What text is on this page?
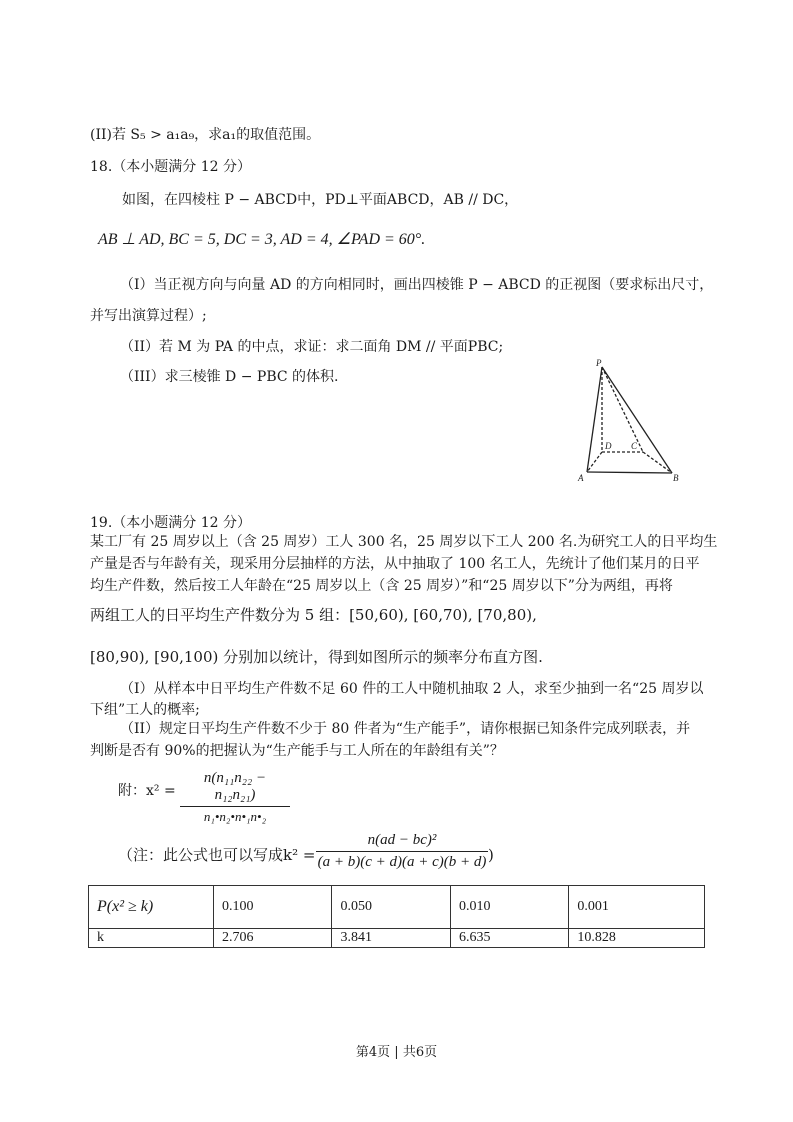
(II)若 S₅ > a₁a₉，求a₁的取值范围。
18.（本小题满分 12 分）
如图，在四棱柱 P − ABCD中，PD⊥平面ABCD，AB // DC，
AB ⊥ AD, BC = 5, DC = 3, AD = 4, ∠PAD = 60°.
（I）当正视方向与向量 AD 的方向相同时，画出四棱锥 P − ABCD 的正视图（要求标出尺寸，
并写出演算过程）;
（II）若 M 为 PA 的中点，求证：求二面角 DM // 平面PBC;
（III）求三棱锥 D − PBC 的体积.
P
D C
A	B
19.（本小题满分 12 分）
某工厂有 25 周岁以上（含 25 周岁）工人 300 名，25 周岁以下工人 200 名.为研究工人的日平均生
产量是否与年龄有关，现采用分层抽样的方法，从中抽取了 100 名工人，先统计了他们某月的日平
均生产件数，然后按工人年龄在“25 周岁以上（含 25 周岁）”和“25 周岁以下”分为两组，再将
两组工人的日平均生产件数分为 5 组：[50,60), [60,70), [70,80),
[80,90), [90,100) 分别加以统计，得到如图所示的频率分布直方图.
（I）从样本中日平均生产件数不足 60 件的工人中随机抽取 2 人，求至少抽到一名“25 周岁以
下组”工人的概率;
（II）规定日平均生产件数不少于 80 件者为“生产能手”，请你根据已知条件完成列联表，并
判断是否有 90%的把握认为“生产能手与工人所在的年龄组有关”？
附：$x^2 = \frac{\text{n(n₁₁n₂₂ − n₁₂n₂₁)}}{\text{n₁•n₂•n•₁n•₂}}$
（注：此公式也可以写成$k^2 = \frac{\text{n(ad − bc)²}}{(a + b)(c + d)(a + c)(b + d)}$ )
P(x² ≥ k)	0.100	0.050	0.010	0.001
k	2.706	3.841	6.635	10.828
第4页 | 共6页
